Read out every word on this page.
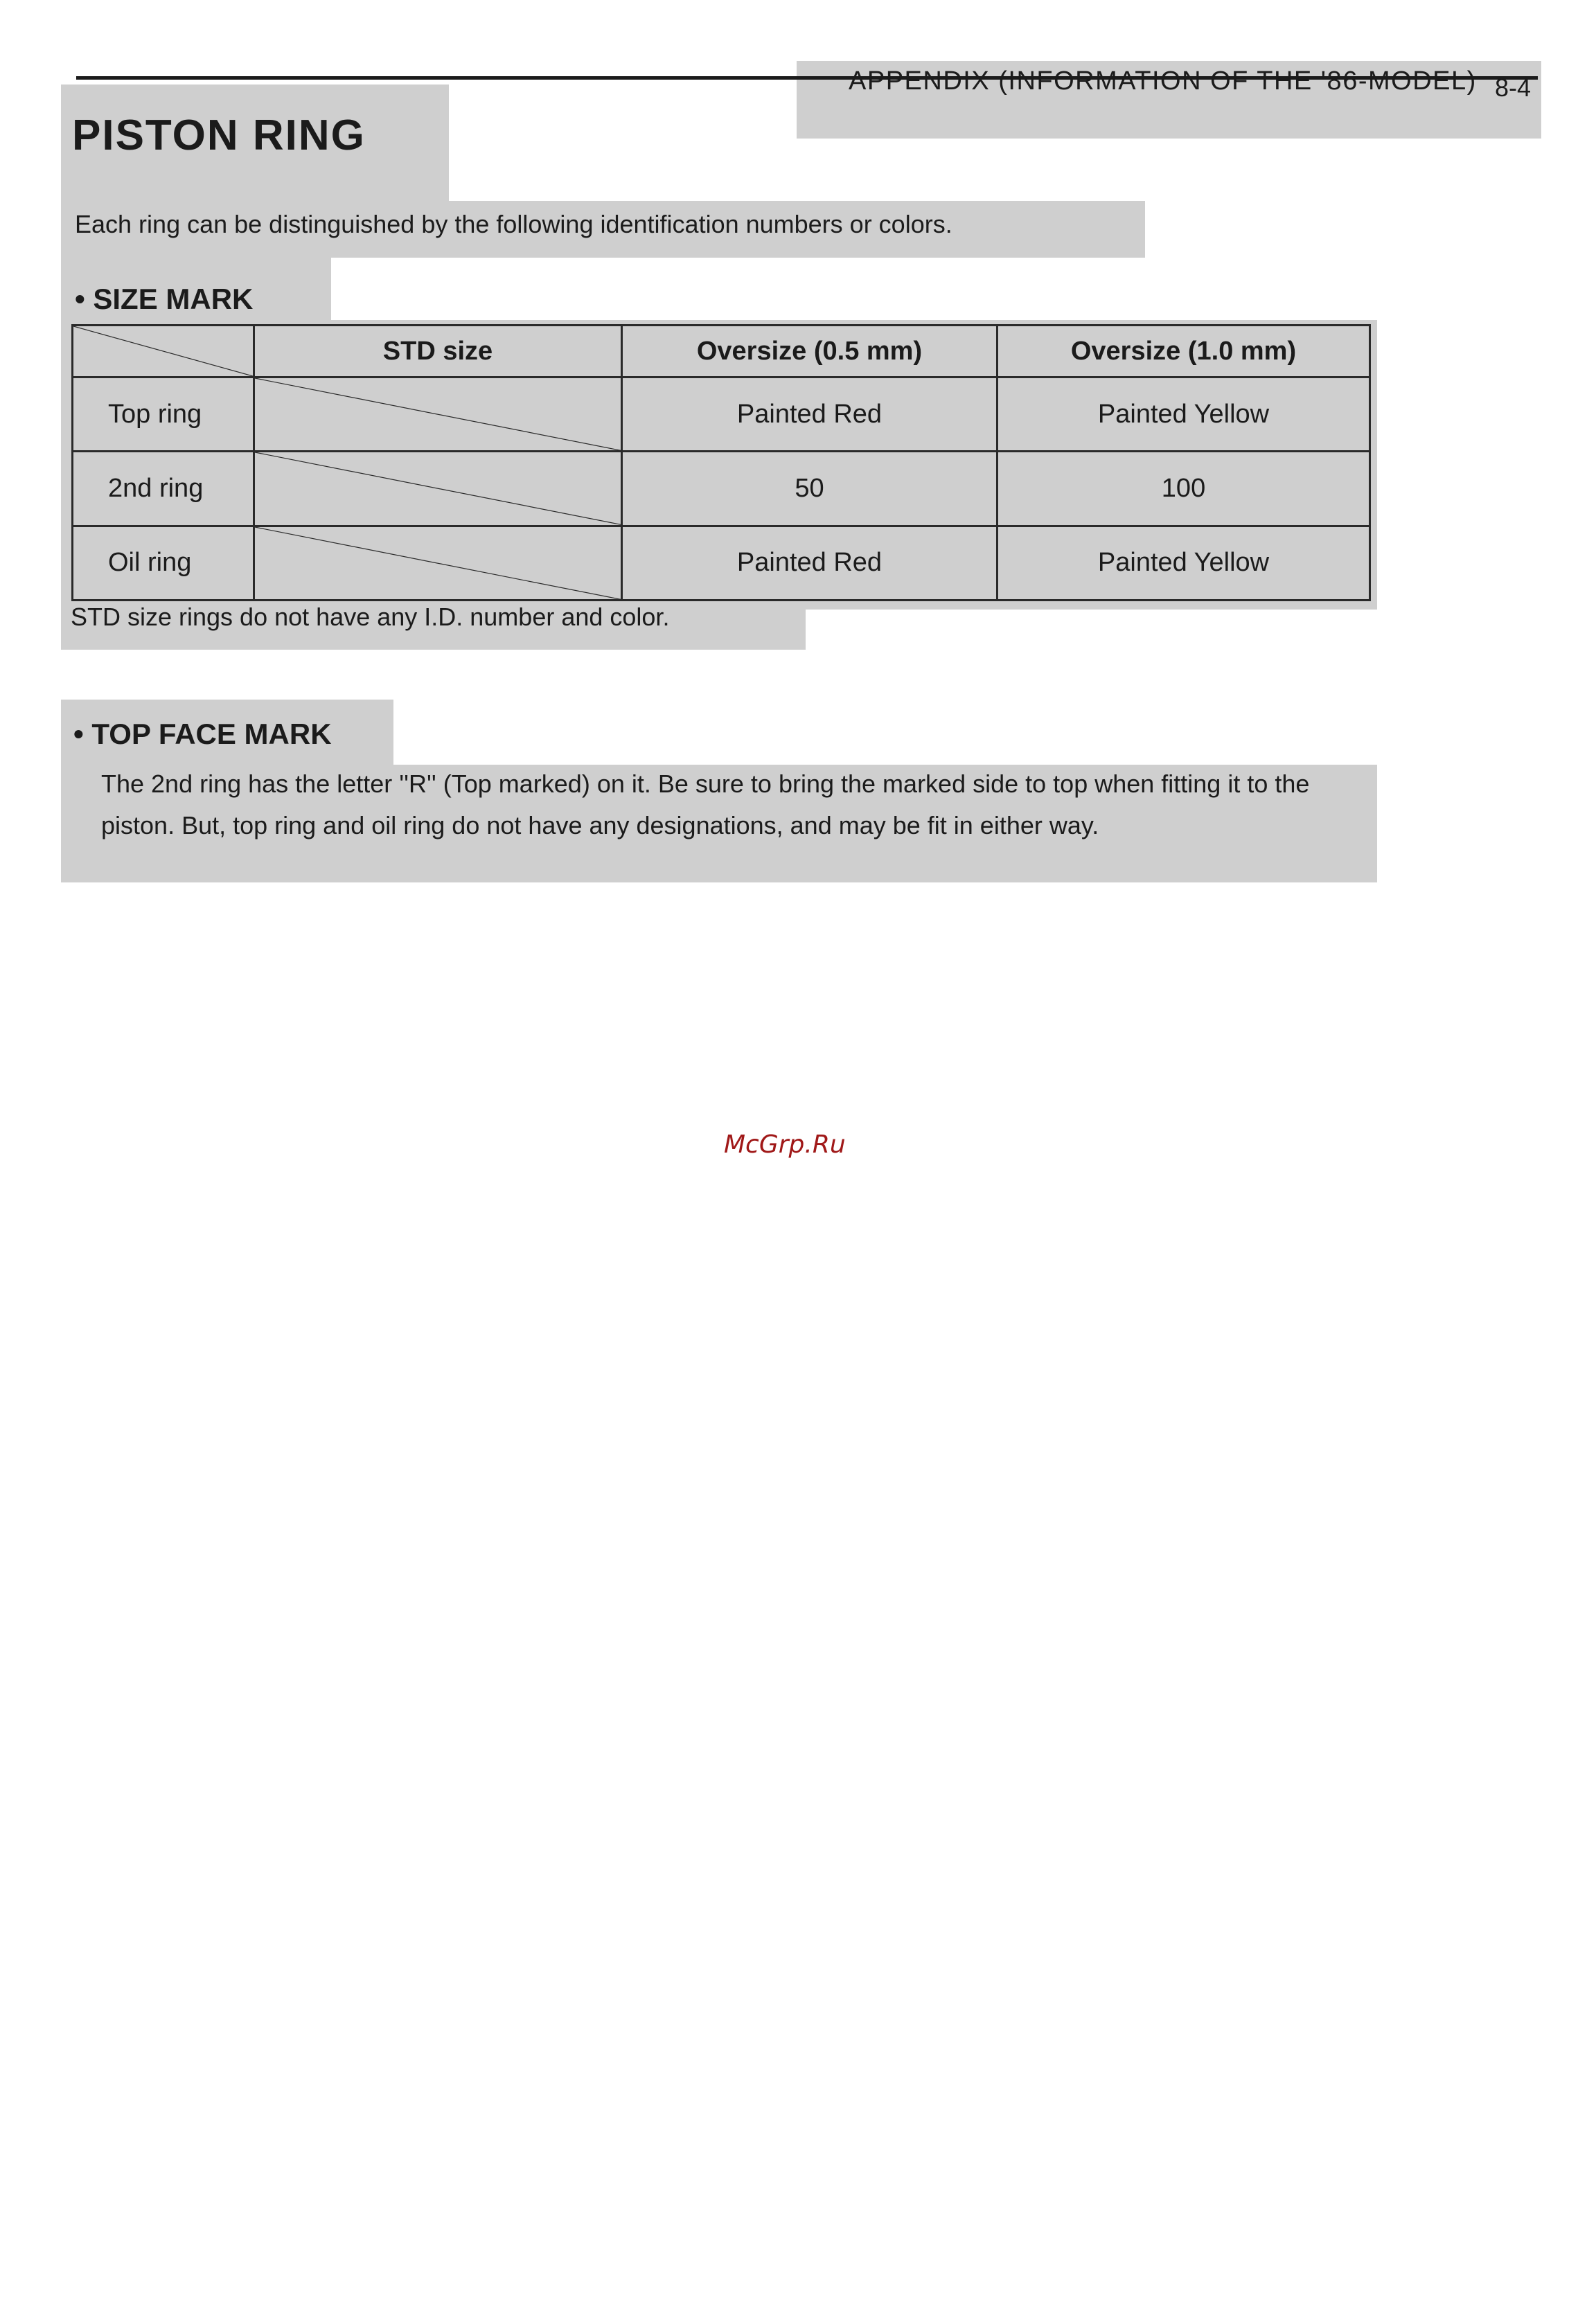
APPENDIX (INFORMATION OF THE '86-MODEL) 8-4
PISTON RING
Each ring can be distinguished by the following identification numbers or colors.
• SIZE MARK
	STD size	Oversize (0.5 mm)	Oversize (1.0 mm)
Top ring		Painted Red	Painted Yellow
2nd ring		50	100
Oil ring		Painted Red	Painted Yellow
STD size rings do not have any I.D. number and color.
• TOP FACE MARK
The 2nd ring has the letter ''R'' (Top marked) on it. Be sure to bring the marked side to top when fitting it to the piston. But, top ring and oil ring do not have any designations, and may be fit in either way.
McGrp.Ru
